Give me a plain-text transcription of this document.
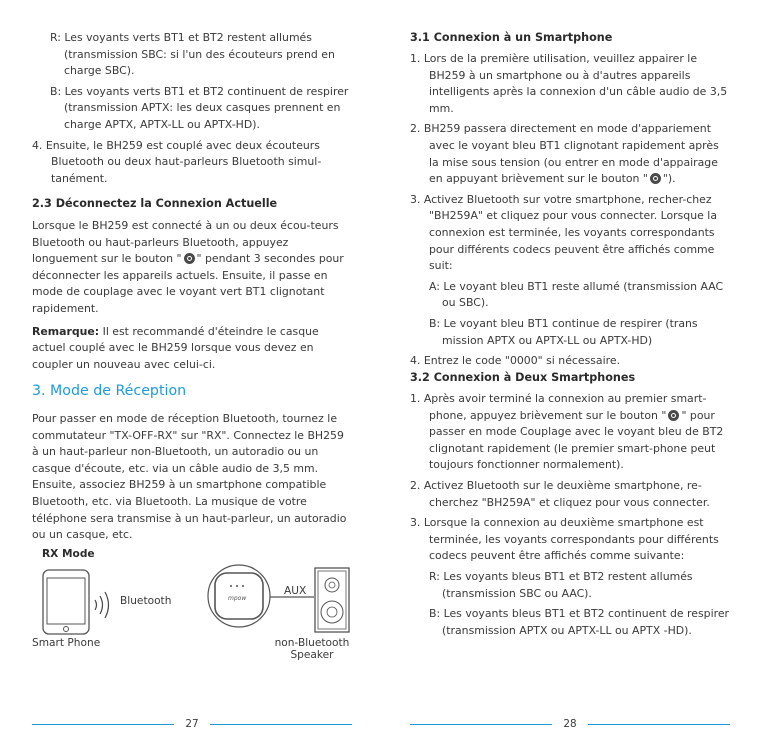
R: Les voyants verts BT1 et BT2 restent allumés (transmission SBC: si l'un des écouteurs prend en charge SBC).

B: Les voyants verts BT1 et BT2 continuent de respirer (transmission APTX: les deux casques prennent en charge APTX, APTX-LL ou APTX-HD).

4. Ensuite, le BH259 est couplé avec deux écouteurs Bluetooth ou deux haut-parleurs Bluetooth simul-tanément.

2.3 Déconnectez la Connexion Actuelle

Lorsque le BH259 est connecté à un ou deux écou-teurs Bluetooth ou haut-parleurs Bluetooth, appuyez longuement sur le bouton " " pendant 3 secondes pour déconnecter les appareils actuels. Ensuite, il passe en mode de couplage avec le voyant vert BT1 clignotant rapidement.

Remarque: Il est recommandé d'éteindre le casque actuel couplé avec le BH259 lorsque vous devez en coupler un nouveau avec celui-ci.

3. Mode de Réception

Pour passer en mode de réception Bluetooth, tournez le commutateur "TX-OFF-RX" sur "RX". Connectez le BH259 à un haut-parleur non-Bluetooth, un autoradio ou un casque d'écoute, etc. via un câble audio de 3,5 mm. Ensuite, associez BH259 à un smartphone compatible Bluetooth, etc. via Bluetooth. La musique de votre téléphone sera transmise à un haut-parleur, un autoradio ou un casque, etc.

RX Mode
mpow
Bluetooth
AUX
Smart Phone	non-Bluetooth
Speaker
3.1 Connexion à un Smartphone

1. Lors de la première utilisation, veuillez appairer le BH259 à un smartphone ou à d'autres appareils intelligents après la connexion d'un câble audio de 3,5 mm.

2. BH259 passera directement en mode d'appariement avec le voyant bleu BT1 clignotant rapidement après la mise sous tension (ou entrer en mode d'appairage en appuyant brièvement sur le bouton " ").

3. Activez Bluetooth sur votre smartphone, recher-chez "BH259A" et cliquez pour vous connecter. Lorsque la connexion est terminée, les voyants correspondants pour différents codecs peuvent être affichés comme suit:

A: Le voyant bleu BT1 reste allumé (transmission AAC ou SBC).

B: Le voyant bleu BT1 continue de respirer (trans mission APTX ou APTX-LL ou APTX-HD)

4. Entrez le code "0000" si nécessaire.

3.2 Connexion à Deux Smartphones

1. Après avoir terminé la connexion au premier smart-phone, appuyez brièvement sur le bouton " " pour passer en mode Couplage avec le voyant bleu de BT2 clignotant rapidement (le premier smart-phone peut toujours fonctionner normalement).

2. Activez Bluetooth sur le deuxième smartphone, re-cherchez "BH259A" et cliquez pour vous connecter.

3. Lorsque la connexion au deuxième smartphone est terminée, les voyants correspondants pour différents codecs peuvent être affichés comme suivante:

R: Les voyants bleus BT1 et BT2 restent allumés (transmission SBC ou AAC).

B: Les voyants bleus BT1 et BT2 continuent de respirer (transmission APTX ou APTX-LL ou APTX -HD).

27	28
